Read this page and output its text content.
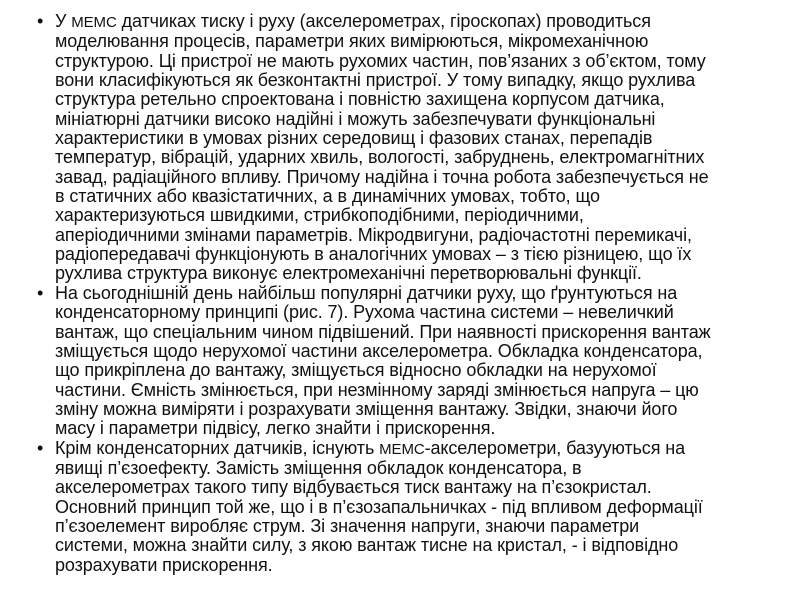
• У МЕМС датчиках тиску і руху (акселерометрах, гіроскопах) проводиться
моделювання процесів, параметри яких вимірюються, мікромеханічною
структурою. Ці пристрої не мають рухомих частин, пов’язаних з об’єктом, тому
вони класифікуються як безконтактні пристрої. У тому випадку, якщо рухлива
структура ретельно спроектована і повністю захищена корпусом датчика,
мініатюрні датчики високо надійні і можуть забезпечувати функціональні
характеристики в умовах різних середовищ і фазових станах, перепадів
температур, вібрацій, ударних хвиль, вологості, забруднень, електромагнітних
завад, радіаційного впливу. Причому надійна і точна робота забезпечується не
в статичних або квазістатичних, а в динамічних умовах, тобто, що
характеризуються швидкими, стрибкоподібними, періодичними,
аперіодичними змінами параметрів. Мікродвигуни, радіочастотні перемикачі,
радіопередавачі функціонують в аналогічних умовах – з тією різницею, що їх
рухлива структура виконує електромеханічні перетворювальні функції.
• На сьогоднішній день найбільш популярні датчики руху, що ґрунтуються на
конденсаторному принципі (рис. 7). Рухома частина системи – невеличкий
вантаж, що спеціальним чином підвішений. При наявності прискорення вантаж
зміщується щодо нерухомої частини акселерометра. Обкладка конденсатора,
що прикріплена до вантажу, зміщується відносно обкладки на нерухомої
частини. Ємність змінюється, при незмінному заряді змінюється напруга – цю
зміну можна виміряти і розрахувати зміщення вантажу. Звідки, знаючи його
масу і параметри підвісу, легко знайти і прискорення.
• Крім конденсаторних датчиків, існують МЕМС-акселерометри, базууються на
явищі п’єзоефекту. Замість зміщення обкладок конденсатора, в
акселерометрах такого типу відбувається тиск вантажу на п’єзокристал.
Основний принцип той же, що і в п’єзозапальничках - під впливом деформації
п’єзоелемент виробляє струм. Зі значення напруги, знаючи параметри
системи, можна знайти силу, з якою вантаж тисне на кристал, - і відповідно
розрахувати прискорення.
